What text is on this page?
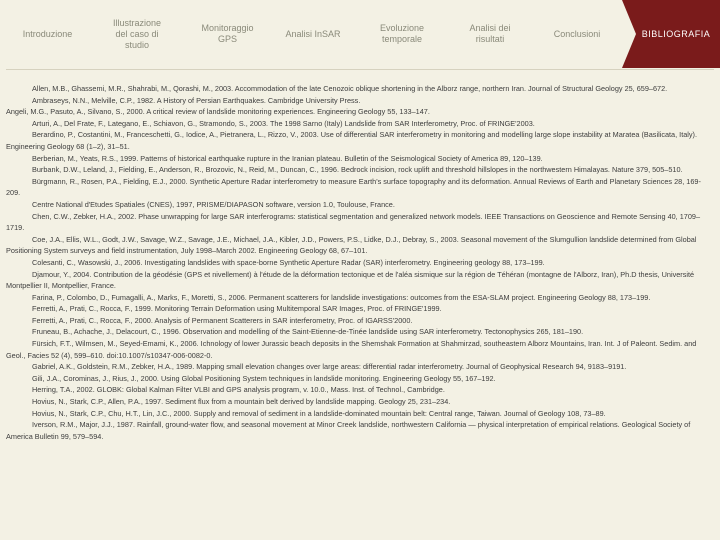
Introduzione
Illustrazione del caso di studio
Monitoraggio GPS
Analisi InSAR
Evoluzione temporale
Analisi dei risultati
Conclusioni	BIBLIOGRAFIA

Allen, M.B., Ghassemi, M.R., Shahrabi, M., Qorashi, M., 2003. Accommodation of the late Cenozoic oblique shortening in the Alborz range, northern Iran. Journal of Structural Geology 25, 659–672.

Ambraseys, N.N., Melville, C.P., 1982. A History of Persian Earthquakes. Cambridge University Press.

Angeli, M.G., Pasuto, A., Silvano, S., 2000. A critical review of landslide monitoring experiences. Engineering Geology 55, 133–147.

Arturi, A., Del Frate, F., Lategano, E., Schiavon, G., Stramondo, S., 2003. The 1998 Sarno (Italy) Landslide from SAR Interferometry, Proc. of FRINGE'2003.

Berardino, P., Costantini, M., Franceschetti, G., Iodice, A., Pietranera, L., Rizzo, V., 2003. Use of differential SAR interferometry in monitoring and modelling large slope instability at Maratea (Basilicata, Italy). Engineering Geology 68 (1–2), 31–51.

Berberian, M., Yeats, R.S., 1999. Patterns of historical earthquake rupture in the Iranian plateau. Bulletin of the Seismological Society of America 89, 120–139.

Burbank, D.W., Leland, J., Fielding, E., Anderson, R., Brozovic, N., Reid, M., Duncan, C., 1996. Bedrock incision, rock uplift and threshold hillslopes in the northwestern Himalayas. Nature 379, 505–510.

Bürgmann, R., Rosen, P.A., Fielding, E.J., 2000. Synthetic Aperture Radar interferometry to measure Earth's surface topography and its deformation. Annual Reviews of Earth and Planetary Sciences 28, 169-209.

Centre National d'Etudes Spatiales (CNES), 1997, PRISME/DIAPASON software, version 1.0, Toulouse, France.

Chen, C.W., Zebker, H.A., 2002. Phase unwrapping for large SAR interferograms: statistical segmentation and generalized network models. IEEE Transactions on Geoscience and Remote Sensing 40, 1709–1719.

Coe, J.A., Ellis, W.L., Godt, J.W., Savage, W.Z., Savage, J.E., Michael, J.A., Kibler, J.D., Powers, P.S., Lidke, D.J., Debray, S., 2003. Seasonal movement of the Slumgullion landslide determined from Global Positioning System surveys and field instrumentation, July 1998–March 2002. Engineering Geology 68, 67–101.

Colesanti, C., Wasowski, J., 2006. Investigating landslides with space-borne Synthetic Aperture Radar (SAR) interferometry. Engineering geology 88, 173–199.

Djamour, Y., 2004. Contribution de la géodésie (GPS et nivellement) à l'étude de la déformation tectonique et de l'aléa sismique sur la région de Téhéran (montagne de l'Alborz, Iran), Ph.D thesis, Université Montpellier II, Montpellier, France.

Farina, P., Colombo, D., Fumagalli, A., Marks, F., Moretti, S., 2006. Permanent scatterers for landslide investigations: outcomes from the ESA-SLAM project. Engineering Geology 88, 173–199.

Ferretti, A., Prati, C., Rocca, F., 1999. Monitoring Terrain Deformation using Multitemporal SAR Images, Proc. of FRINGE'1999.

Ferretti, A., Prati, C., Rocca, F., 2000. Analysis of Permanent Scatterers in SAR interferometry, Proc. of IGARSS'2000.

Fruneau, B., Achache, J., Delacourt, C., 1996. Observation and modelling of the Saint-Etienne-de-Tinée landslide using SAR interferometry. Tectonophysics 265, 181–190.

Fürsich, F.T., Wilmsen, M., Seyed-Emami, K., 2006. Ichnology of lower Jurassic beach deposits in the Shemshak Formation at Shahmirzad, southeastern Alborz Mountains, Iran. Int. J of Paleont. Sedim. and Geol., Facies 52 (4), 599–610. doi:10.1007/s10347-006-0082-0.

Gabriel, A.K., Goldstein, R.M., Zebker, H.A., 1989. Mapping small elevation changes over large areas: differential radar interferometry. Journal of Geophysical Research 94, 9183–9191.

Gili, J.A., Corominas, J., Rius, J., 2000. Using Global Positioning System techniques in landslide monitoring. Engineering Geology 55, 167–192.

Herring, T.A., 2002. GLOBK: Global Kalman Filter VLBI and GPS analysis program, v. 10.0., Mass. Inst. of Technol., Cambridge.

Hovius, N., Stark, C.P., Allen, P.A., 1997. Sediment flux from a mountain belt derived by landslide mapping. Geology 25, 231–234.

Hovius, N., Stark, C.P., Chu, H.T., Lin, J.C., 2000. Supply and removal of sediment in a landslide-dominated mountain belt: Central range, Taiwan. Journal of Geology 108, 73–89.

Iverson, R.M., Major, J.J., 1987. Rainfall, ground-water flow, and seasonal movement at Minor Creek landslide, northwestern California — physical interpretation of empirical relations. Geological Society of America Bulletin 99, 579–594.
